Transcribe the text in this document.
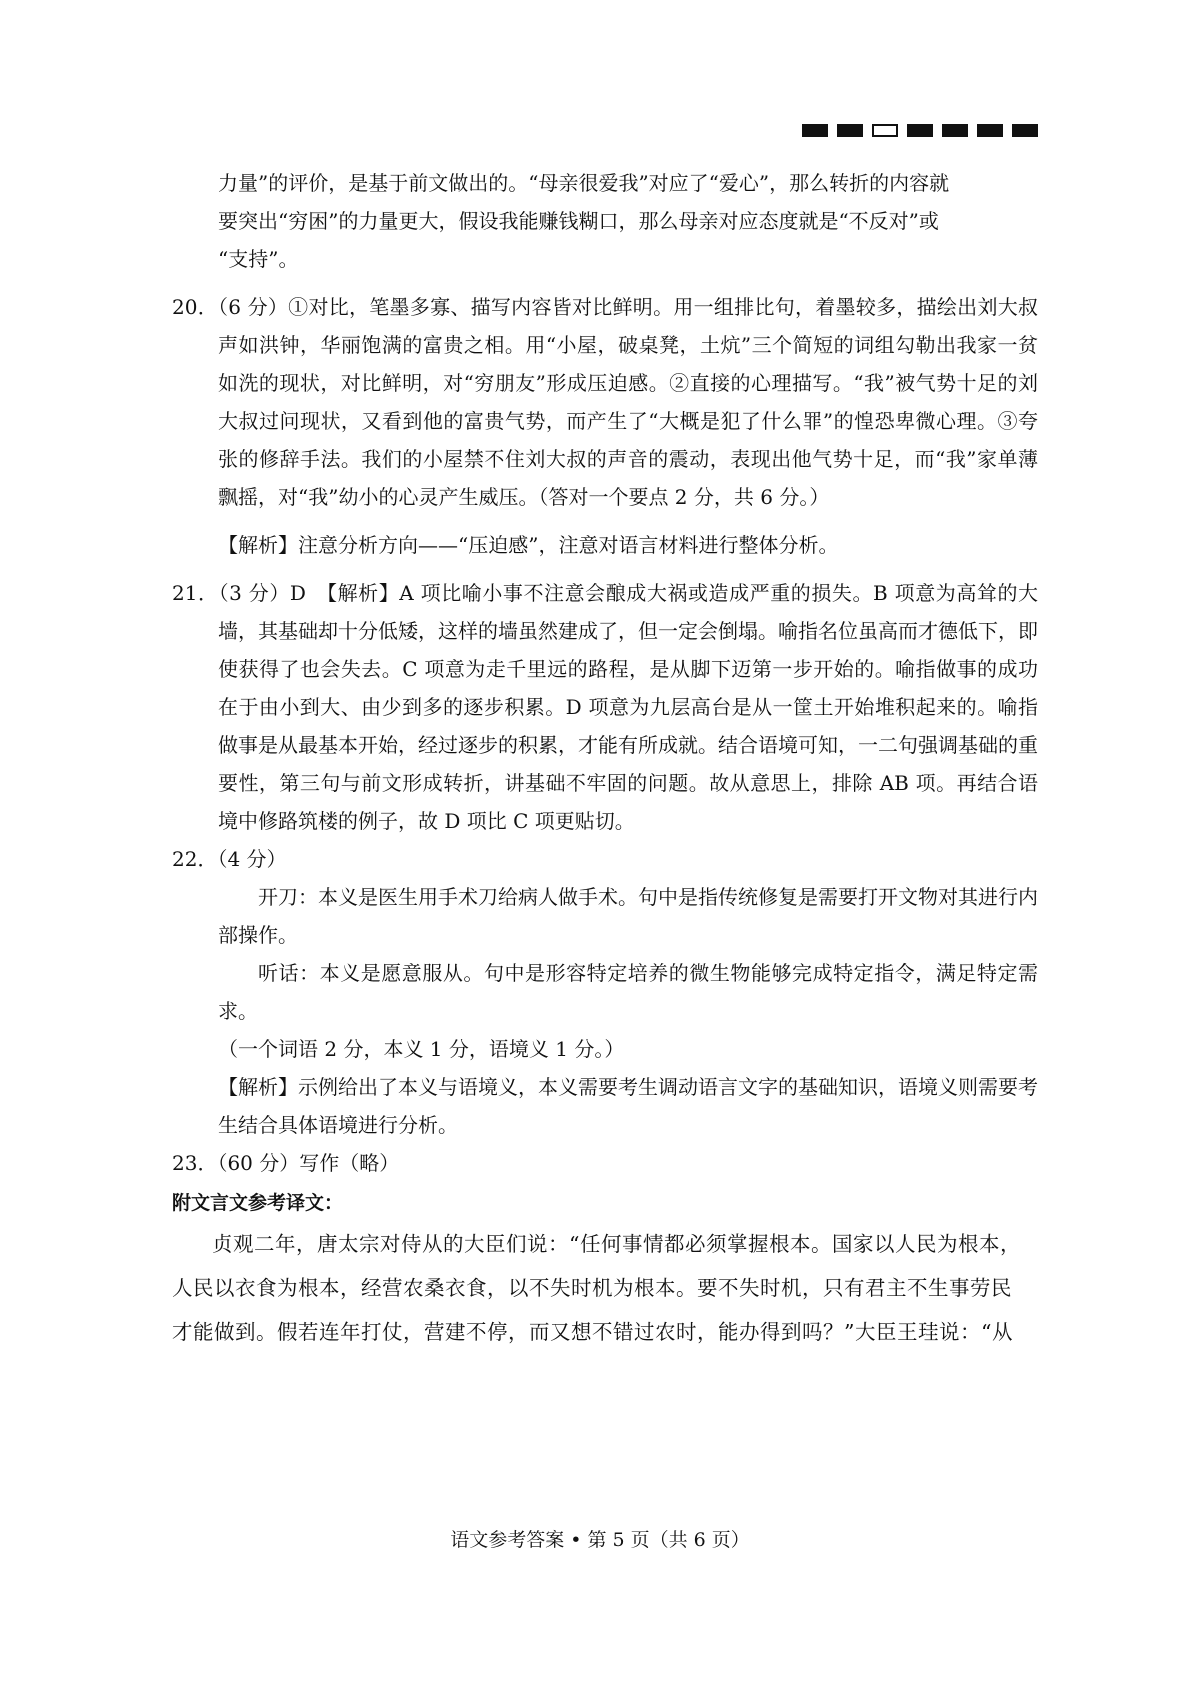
力量”的评价，是基于前文做出的。“母亲很爱我”对应了“爱心”，那么转折的内容就

要突出“穷困”的力量更大，假设我能赚钱糊口，那么母亲对应态度就是“不反对”或

“支持”。

20．（6 分）①对比，笔墨多寡、描写内容皆对比鲜明。用一组排比句，着墨较多，描绘出刘大叔声如洪钟，华丽饱满的富贵之相。用“小屋，破桌凳，土炕”三个简短的词组勾勒出我家一贫如洗的现状，对比鲜明，对“穷朋友”形成压迫感。②直接的心理描写。“我”被气势十足的刘大叔过问现状，又看到他的富贵气势，而产生了“大概是犯了什么罪”的惶恐卑微心理。③夸张的修辞手法。我们的小屋禁不住刘大叔的声音的震动，表现出他气势十足，而“我”家单薄飘摇，对“我”幼小的心灵产生威压。（答对一个要点 2 分，共 6 分。）

【解析】注意分析方向——“压迫感”，注意对语言材料进行整体分析。

21．（3 分）D　【解析】A 项比喻小事不注意会酿成大祸或造成严重的损失。B 项意为高耸的大墙，其基础却十分低矮，这样的墙虽然建成了，但一定会倒塌。喻指名位虽高而才德低下，即使获得了也会失去。C 项意为走千里远的路程，是从脚下迈第一步开始的。喻指做事的成功在于由小到大、由少到多的逐步积累。D 项意为九层高台是从一筐土开始堆积起来的。喻指做事是从最基本开始，经过逐步的积累，才能有所成就。结合语境可知，一二句强调基础的重要性，第三句与前文形成转折，讲基础不牢固的问题。故从意思上，排除 AB 项。再结合语境中修路筑楼的例子，故 D 项比 C 项更贴切。

22．（4 分）

开刀：本义是医生用手术刀给病人做手术。句中是指传统修复是需要打开文物对其进行内部操作。

听话：本义是愿意服从。句中是形容特定培养的微生物能够完成特定指令，满足特定需求。

（一个词语 2 分，本义 1 分，语境义 1 分。）

【解析】示例给出了本义与语境义，本义需要考生调动语言文字的基础知识，语境义则需要考生结合具体语境进行分析。

23．（60 分）写作（略）

附文言文参考译文：

贞观二年，唐太宗对侍从的大臣们说：“任何事情都必须掌握根本。国家以人民为根本，

人民以衣食为根本，经营农桑衣食，以不失时机为根本。要不失时机，只有君主不生事劳民

才能做到。假若连年打仗，营建不停，而又想不错过农时，能办得到吗？”大臣王珪说：“从

语文参考答案 • 第 5 页（共 6 页）
